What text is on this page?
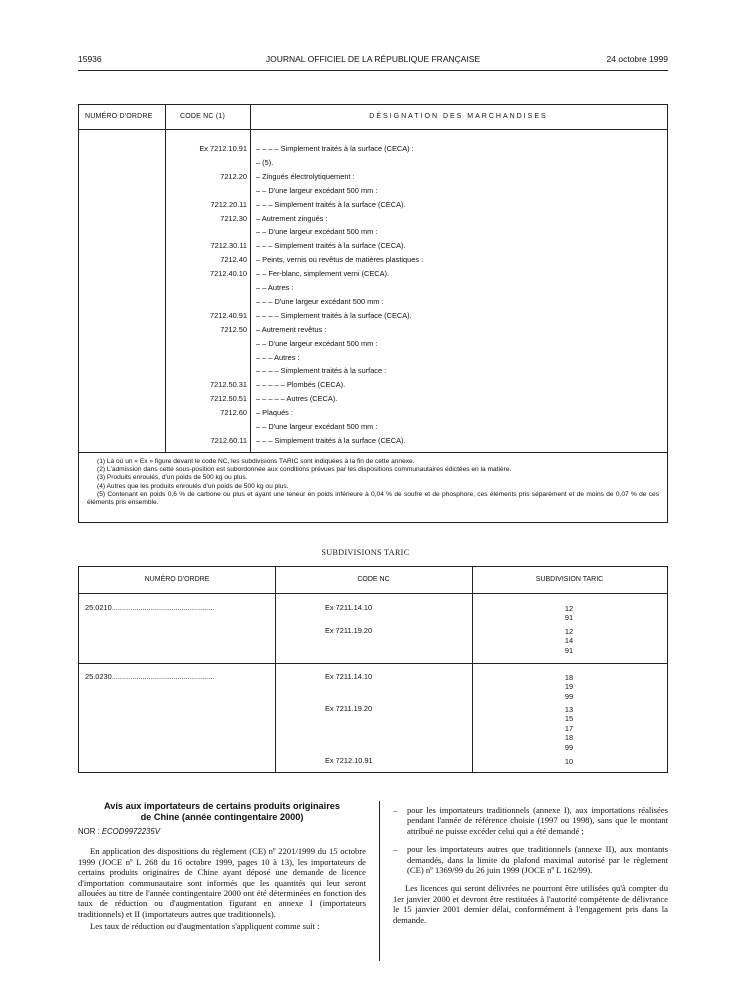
15936	JOURNAL OFFICIEL DE LA RÉPUBLIQUE FRANÇAISE	24 octobre 1999
NUMÉRO D'ORDRE	CODE NC (1)	DÉSIGNATION DES MARCHANDISES
Ex 7212.10.91 – – – – Simplement traités à la surface (CECA) :
– (5).
7212.20 – Zingués électrolytiquement :
– – D'une largeur excédant 500 mm :
7212.20.11 – – – Simplement traités à la surface (CECA).
7212.30 – Autrement zingués :
– – D'une largeur excédant 500 mm :
7212.30.11 – – – Simplement traités à la surface (CECA).
7212.40 – Peints, vernis ou revêtus de matières plastiques :
7212.40.10 – – Fer-blanc, simplement verni (CECA).
– – Autres :
– – – D'une largeur excédant 500 mm :
7212.40.91 – – – – Simplement traités à la surface (CECA).
7212.50 – Autrement revêtus :
– – D'une largeur excédant 500 mm :
– – – Autres :
– – – – Simplement traités à la surface :
7212.50.31 – – – – – Plombés (CECA).
7212.50.51 – – – – – Autres (CECA).
7212.60 – Plaqués :
– – D'une largeur excédant 500 mm :
7212.60.11 – – – Simplement traités à la surface (CECA).

(1) Là où un « Ex » figure devant le code NC, les subdivisions TARIC sont indiquées à la fin de cette annexe.

(2) L'admission dans cette sous-position est subordonnée aux conditions prévues par les dispositions communautaires édictées en la matière.

(3) Produits enroulés, d'un poids de 500 kg ou plus.

(4) Autres que les produits enroulés d'un poids de 500 kg ou plus.

(5) Contenant en poids 0,6 % de carbone ou plus et ayant une teneur en poids inférieure à 0,04 % de soufre et de phosphore, ces éléments pris séparément et de moins de 0,07 % de ces éléments pris ensemble.

SUBDIVISIONS TARIC
NUMÉRO D'ORDRE	CODE NC	SUBDIVISION TARIC
25.0210..................................................	Ex 7211.14.10	12
91
Ex 7211.19.20	12
14
91
25.0230..................................................	Ex 7211.14.10	18
19
99
Ex 7211.19.20	13
15
17
18
99
Ex 7212.10.91	10
Avis aux importateurs de certains produits originaires
de Chine (année contingentaire 2000)

NOR : ECOD9972235V

En application des dispositions du règlement (CE) nº 2201/1999 du 15 octobre 1999 (JOCE nº L 268 du 16 octobre 1999, pages 10 à 13), les importateurs de certains produits originaires de Chine ayant déposé une demande de licence d'importation communautaire sont informés que les quantités qui leur seront allouées au titre de l'année contingentaire 2000 ont été déterminées en fonction des taux de réduction ou d'augmentation figurant en annexe I (importateurs traditionnels) et II (importateurs autres que traditionnels).

Les taux de réduction ou d'augmentation s'appliquent comme suit :

– pour les importateurs traditionnels (annexe I), aux importations réalisées pendant l'année de référence choisie (1997 ou 1998), sans que le montant attribué ne puisse excéder celui qui a été demandé ;

– pour les importateurs autres que traditionnels (annexe II), aux montants demandés, dans la limite du plafond maximal autorisé par le règlement (CE) nº 1369/99 du 26 juin 1999 (JOCE nº L 162/99).

Les licences qui seront délivrées ne pourront être utilisées qu'à compter du 1er janvier 2000 et devront être restituées à l'autorité compétente de délivrance le 15 janvier 2001 dernier délai, conformément à l'engagement pris dans la demande.
